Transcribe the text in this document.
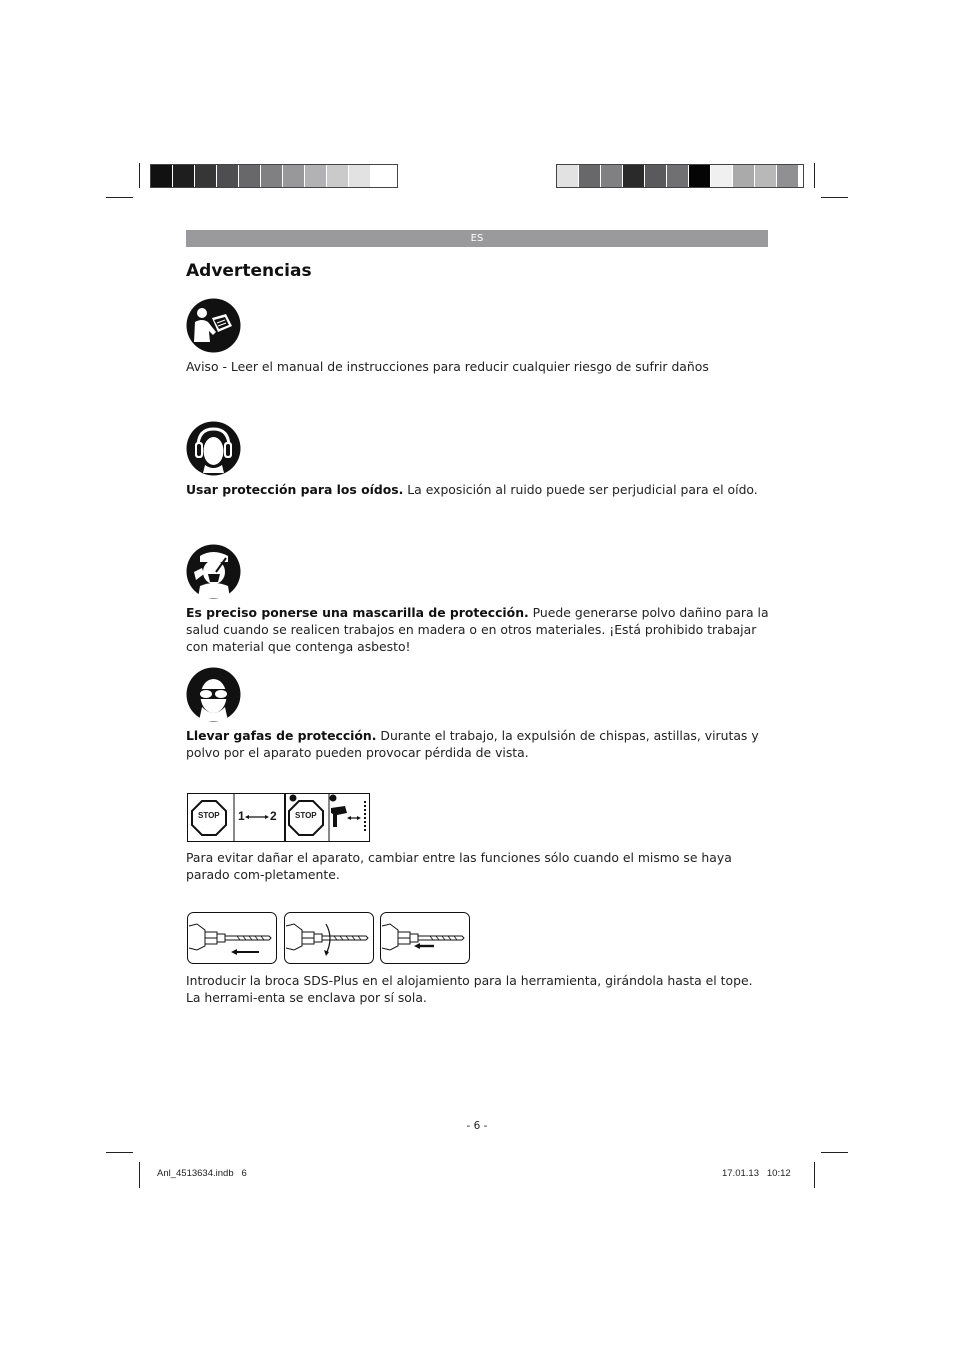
ES
Advertencias

Aviso - Leer el manual de instrucciones para reducir cualquier riesgo de sufrir daños

Usar protección para los oídos. La exposición al ruido puede ser perjudicial para el oído.

Es preciso ponerse una mascarilla de protección. Puede generarse polvo dañino para la salud cuando se realicen trabajos en madera o en otros materiales. ¡Está prohibido trabajar con material que contenga asbesto!

Llevar gafas de protección. Durante el trabajo, la expulsión de chispas, astillas, virutas y polvo por el aparato pueden provocar pérdida de vista.

STOP 1 2 STOP

Para evitar dañar el aparato, cambiar entre las funciones sólo cuando el mismo se haya parado com-pletamente.

Introducir la broca SDS-Plus en el alojamiento para la herramienta, girándola hasta el tope. La herrami-enta se enclava por sí sola.

- 6 -
Anl_4513634.indb   6	17.01.13   10:12
